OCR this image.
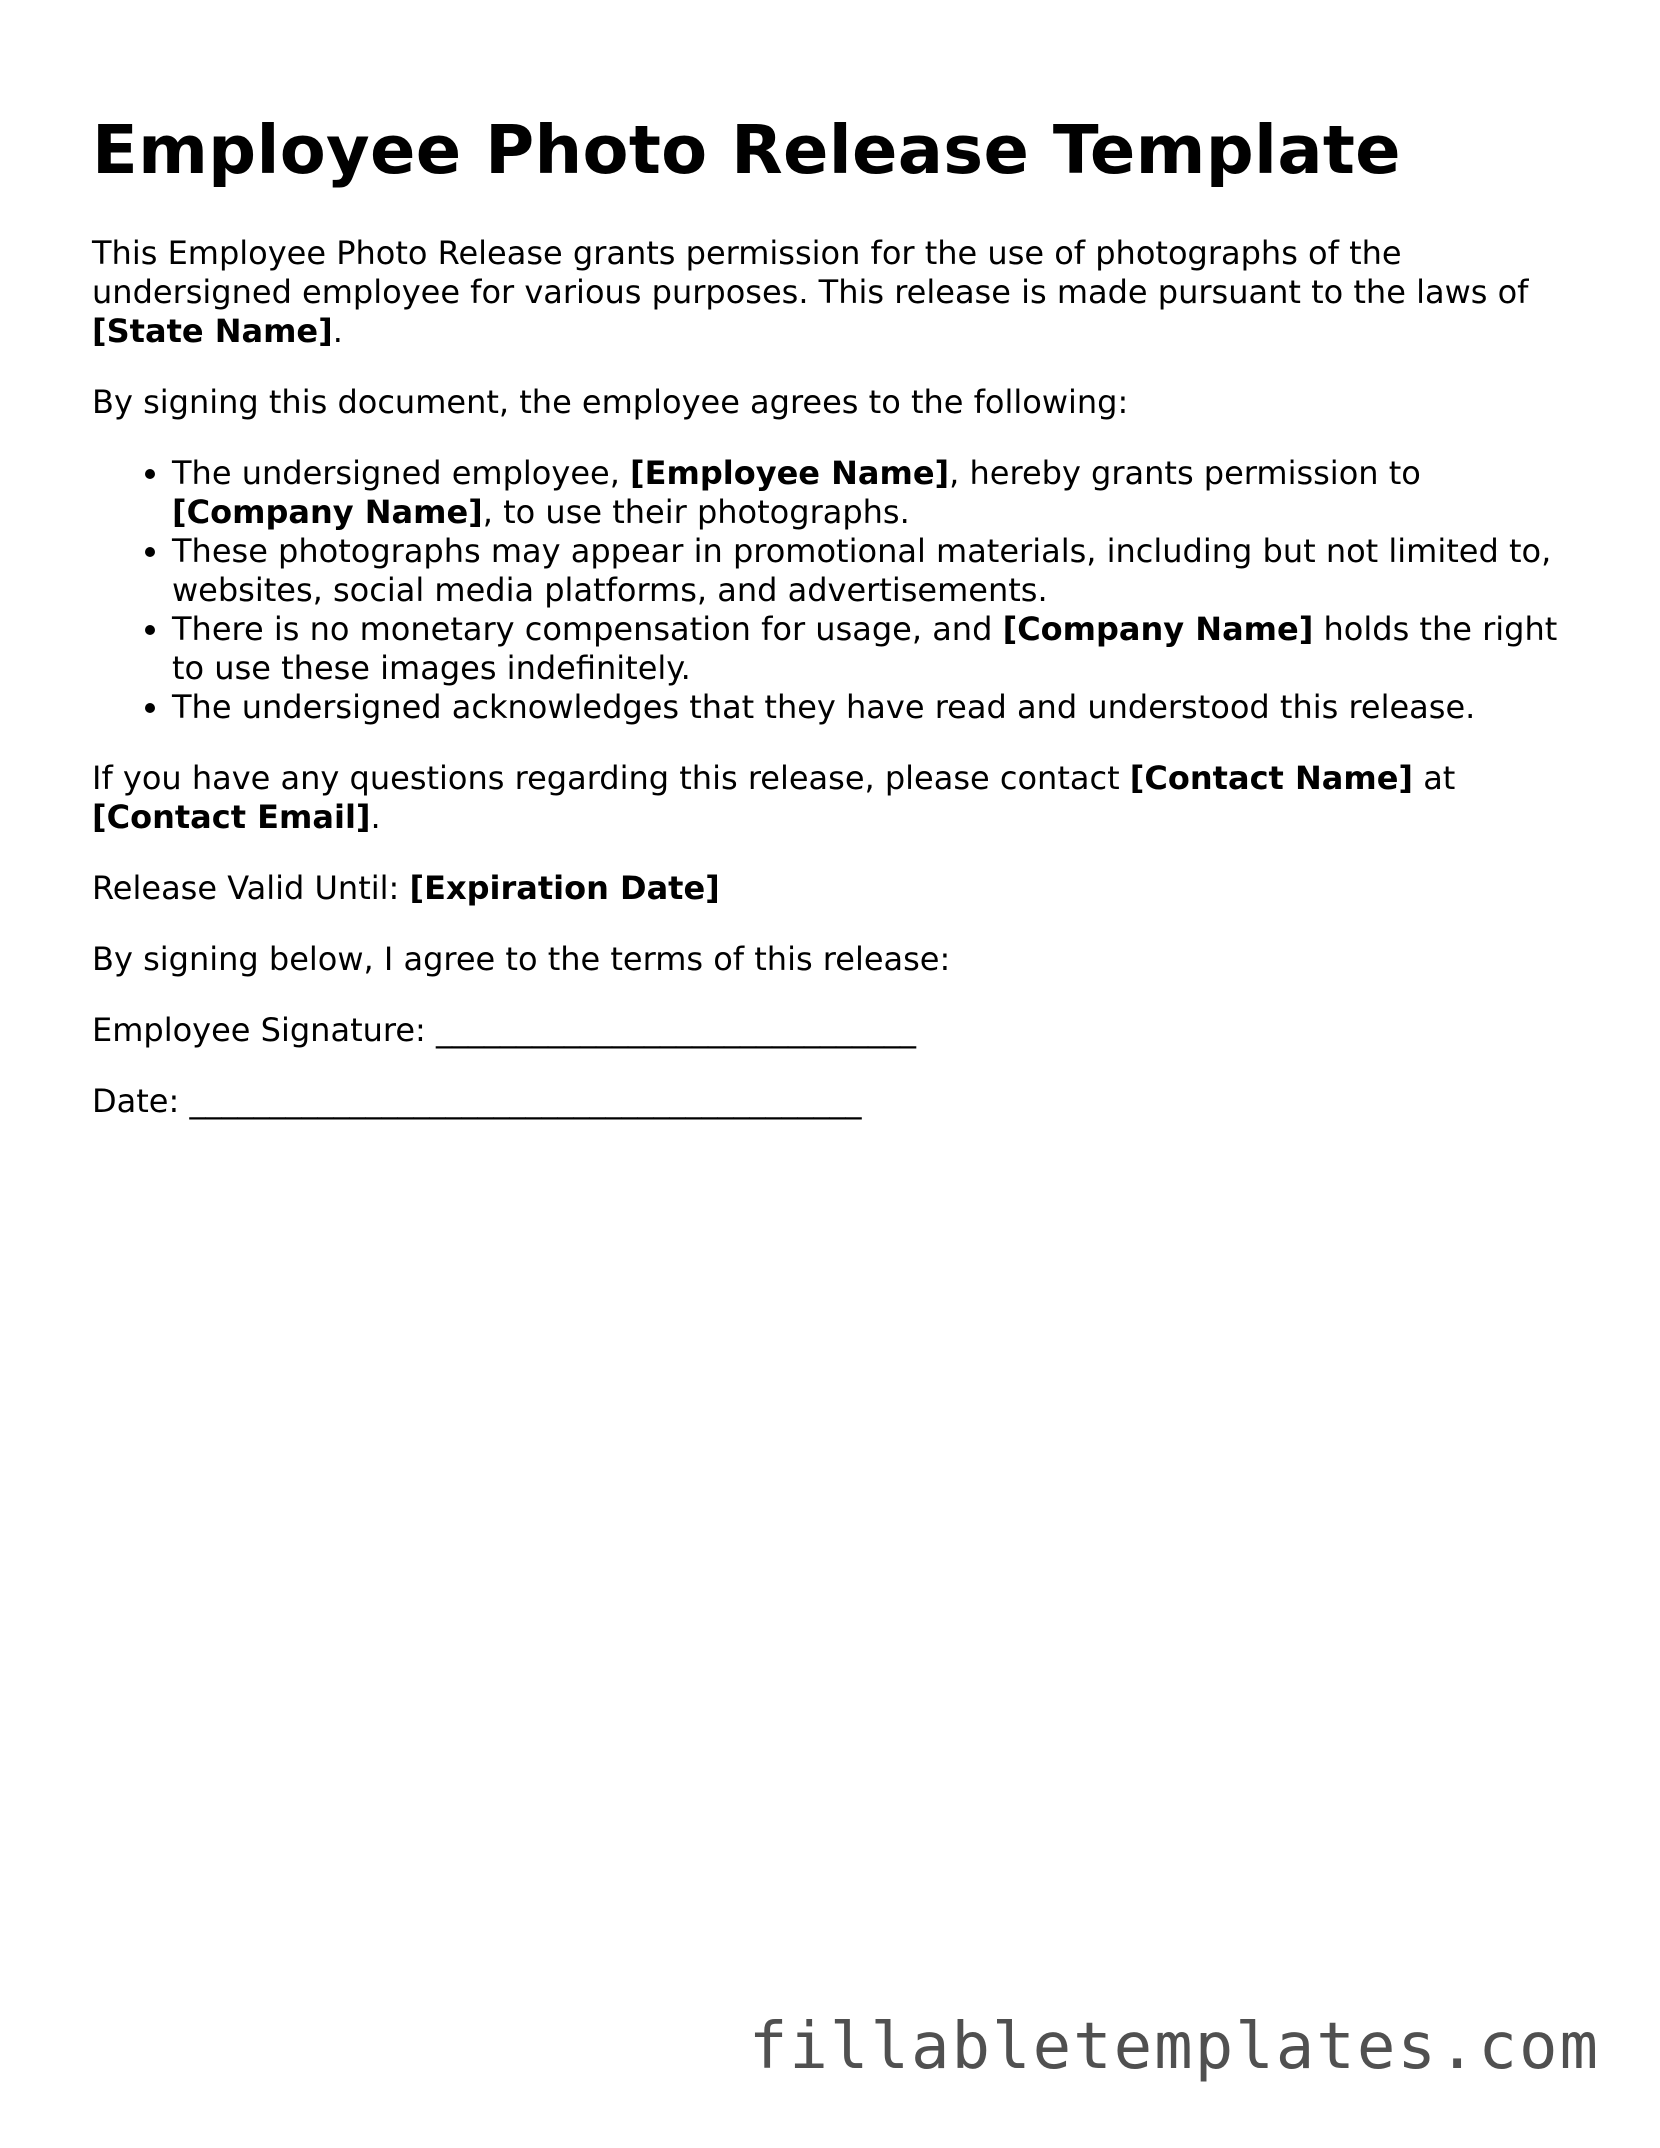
Employee Photo Release Template

This Employee Photo Release grants permission for the use of photographs of the undersigned employee for various purposes. This release is made pursuant to the laws of [State Name].

By signing this document, the employee agrees to the following:

• The undersigned employee, [Employee Name], hereby grants permission to [Company Name], to use their photographs.
• These photographs may appear in promotional materials, including but not limited to, websites, social media platforms, and advertisements.
• There is no monetary compensation for usage, and [Company Name] holds the right to use these images indefinitely.
• The undersigned acknowledges that they have read and understood this release.

If you have any questions regarding this release, please contact [Contact Name] at [Contact Email].

Release Valid Until: [Expiration Date]

By signing below, I agree to the terms of this release:

Employee Signature: ______________________________

Date: __________________________________________

fillabletemplates.com
